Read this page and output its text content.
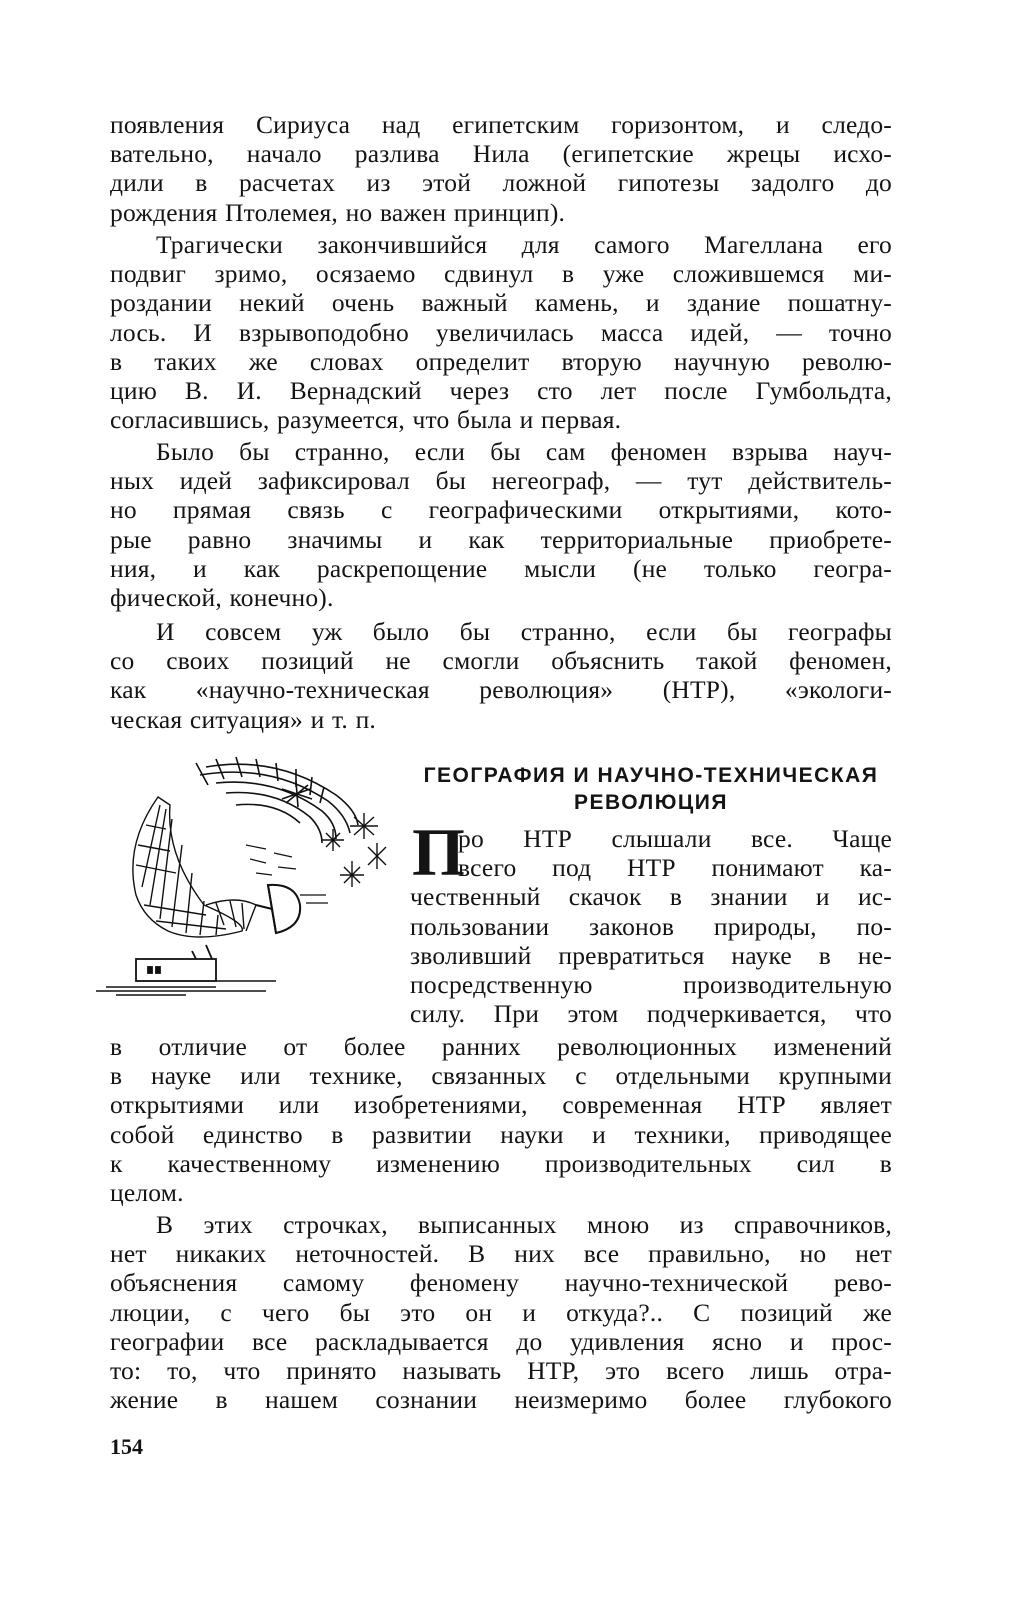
появления Сириуса над египетским горизонтом, и следо-
вательно, начало разлива Нила (египетские жрецы исхо-
дили в расчетах из этой ложной гипотезы задолго до
рождения Птолемея, но важен принцип).
Трагически закончившийся для самого Магеллана его
подвиг зримо, осязаемо сдвинул в уже сложившемся ми-
роздании некий очень важный камень, и здание пошатну-
лось. И взрывоподобно увеличилась масса идей, — точно
в таких же словах определит вторую научную револю-
цию В. И. Вернадский через сто лет после Гумбольдта,
согласившись, разумеется, что была и первая.
Было бы странно, если бы сам феномен взрыва науч-
ных идей зафиксировал бы негеограф, — тут действитель-
но прямая связь с географическими открытиями, кото-
рые равно значимы и как территориальные приобрете-
ния, и как раскрепощение мысли (не только геогра-
фической, конечно).
И совсем уж было бы странно, если бы географы
со своих позиций не смогли объяснить такой феномен,
как «научно-техническая революция» (НТР), «экологи-
ческая ситуация» и т. п.
ГЕОГРАФИЯ И НАУЧНО-ТЕХНИЧЕСКАЯ
РЕВОЛЮЦИЯ
П
ро НТР слышали все. Чаще
всего под НТР понимают ка-
чественный скачок в знании и ис-
пользовании законов природы, по-
зволивший превратиться науке в не-
посредственную производительную
силу. При этом подчеркивается, что
в отличие от более ранних революционных изменений
в науке или технике, связанных с отдельными крупными
открытиями или изобретениями, современная НТР являет
собой единство в развитии науки и техники, приводящее
к качественному изменению производительных сил в
целом.
В этих строчках, выписанных мною из справочников,
нет никаких неточностей. В них все правильно, но нет
объяснения самому феномену научно-технической рево-
люции, с чего бы это он и откуда?.. С позиций же
географии все раскладывается до удивления ясно и прос-
то: то, что принято называть НТР, это всего лишь отра-
жение в нашем сознании неизмеримо более глубокого
154
